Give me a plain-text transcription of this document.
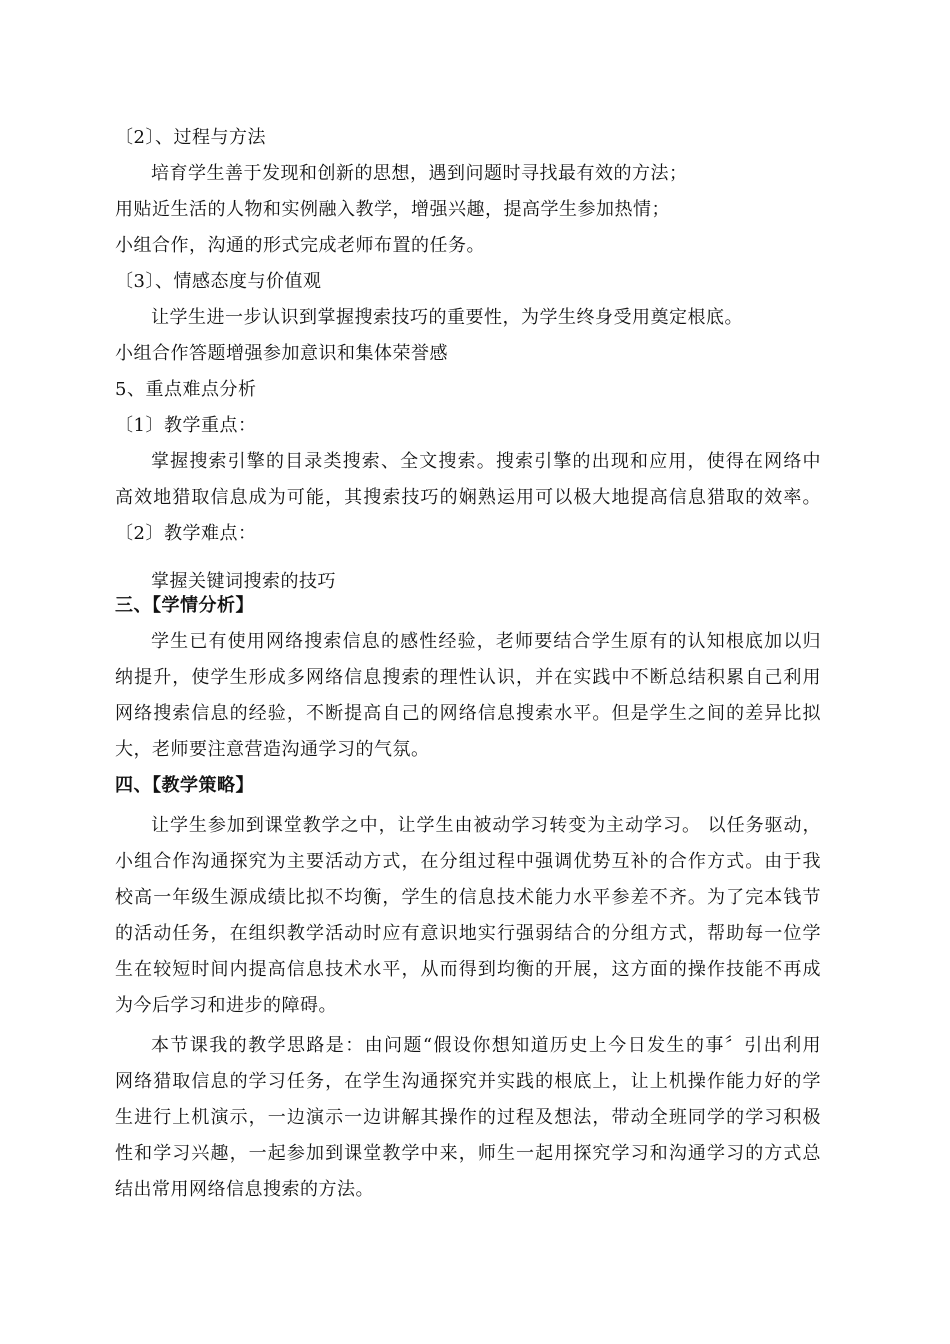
〔2〕、过程与方法
培育学生善于发现和创新的思想，遇到问题时寻找最有效的方法；
用贴近生活的人物和实例融入教学，增强兴趣，提高学生参加热情；
小组合作，沟通的形式完成老师布置的任务。
〔3〕、情感态度与价值观
让学生进一步认识到掌握搜索技巧的重要性，为学生终身受用奠定根底。
小组合作答题增强参加意识和集体荣誉感
5、重点难点分析
〔1〕教学重点：
掌握搜索引擎的目录类搜索、全文搜索。搜索引擎的出现和应用，使得在网络中
高效地猎取信息成为可能，其搜索技巧的娴熟运用可以极大地提高信息猎取的效率。
〔2〕教学难点：
掌握关键词搜索的技巧
三、【学情分析】
学生已有使用网络搜索信息的感性经验，老师要结合学生原有的认知根底加以归
纳提升，使学生形成多网络信息搜索的理性认识，并在实践中不断总结积累自己利用
网络搜索信息的经验，不断提高自己的网络信息搜索水平。但是学生之间的差异比拟
大，老师要注意营造沟通学习的气氛。
四、【教学策略】
让学生参加到课堂教学之中，让学生由被动学习转变为主动学习。 以任务驱动，
小组合作沟通探究为主要活动方式，在分组过程中强调优势互补的合作方式。由于我
校高一年级生源成绩比拟不均衡，学生的信息技术能力水平参差不齐。为了完本钱节
的活动任务，在组织教学活动时应有意识地实行强弱结合的分组方式，帮助每一位学
生在较短时间内提高信息技术水平，从而得到均衡的开展，这方面的操作技能不再成
为今后学习和进步的障碍。
本节课我的教学思路是：由问题“假设你想知道历史上今日发生的事〞引出利用
网络猎取信息的学习任务，在学生沟通探究并实践的根底上，让上机操作能力好的学
生进行上机演示，一边演示一边讲解其操作的过程及想法，带动全班同学的学习积极
性和学习兴趣，一起参加到课堂教学中来，师生一起用探究学习和沟通学习的方式总
结出常用网络信息搜索的方法。
